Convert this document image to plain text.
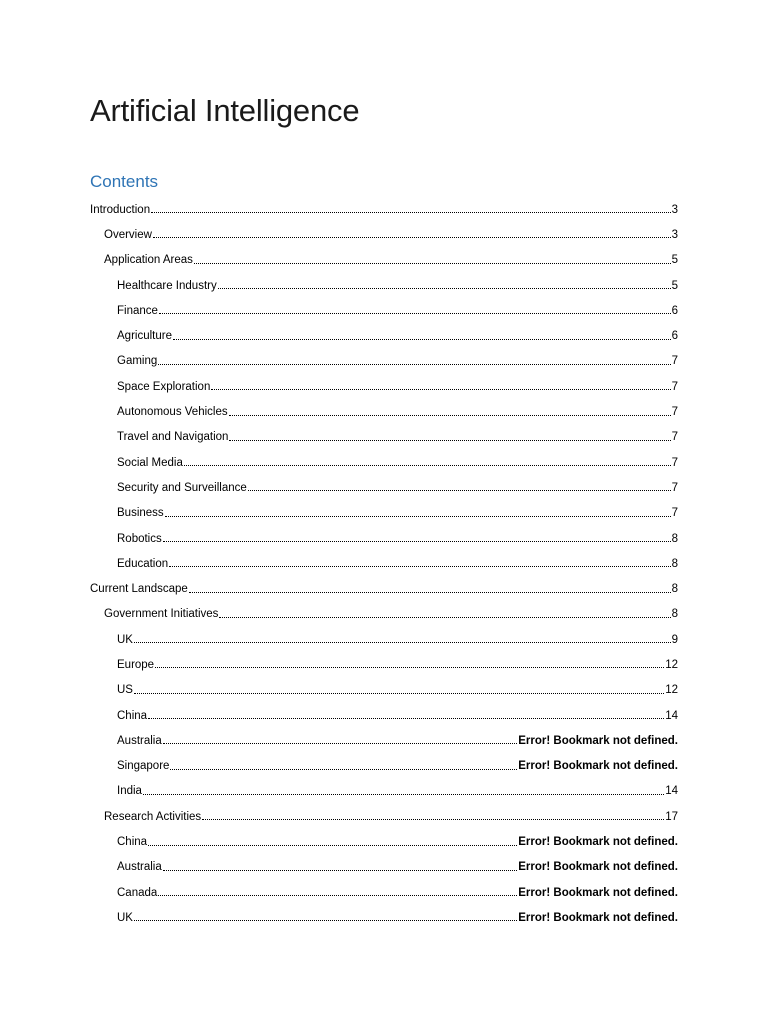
Artificial Intelligence
Contents
Introduction	3
Overview	3
Application Areas	5
Healthcare Industry	5
Finance	6
Agriculture	6
Gaming	7
Space Exploration	7
Autonomous Vehicles	7
Travel and Navigation	7
Social Media	7
Security and Surveillance	7
Business	7
Robotics	8
Education	8
Current Landscape	8
Government Initiatives	8
UK	9
Europe	12
US	12
China	14
Australia	Error! Bookmark not defined.
Singapore	Error! Bookmark not defined.
India	14
Research Activities	17
China	Error! Bookmark not defined.
Australia	Error! Bookmark not defined.
Canada	Error! Bookmark not defined.
UK	Error! Bookmark not defined.
